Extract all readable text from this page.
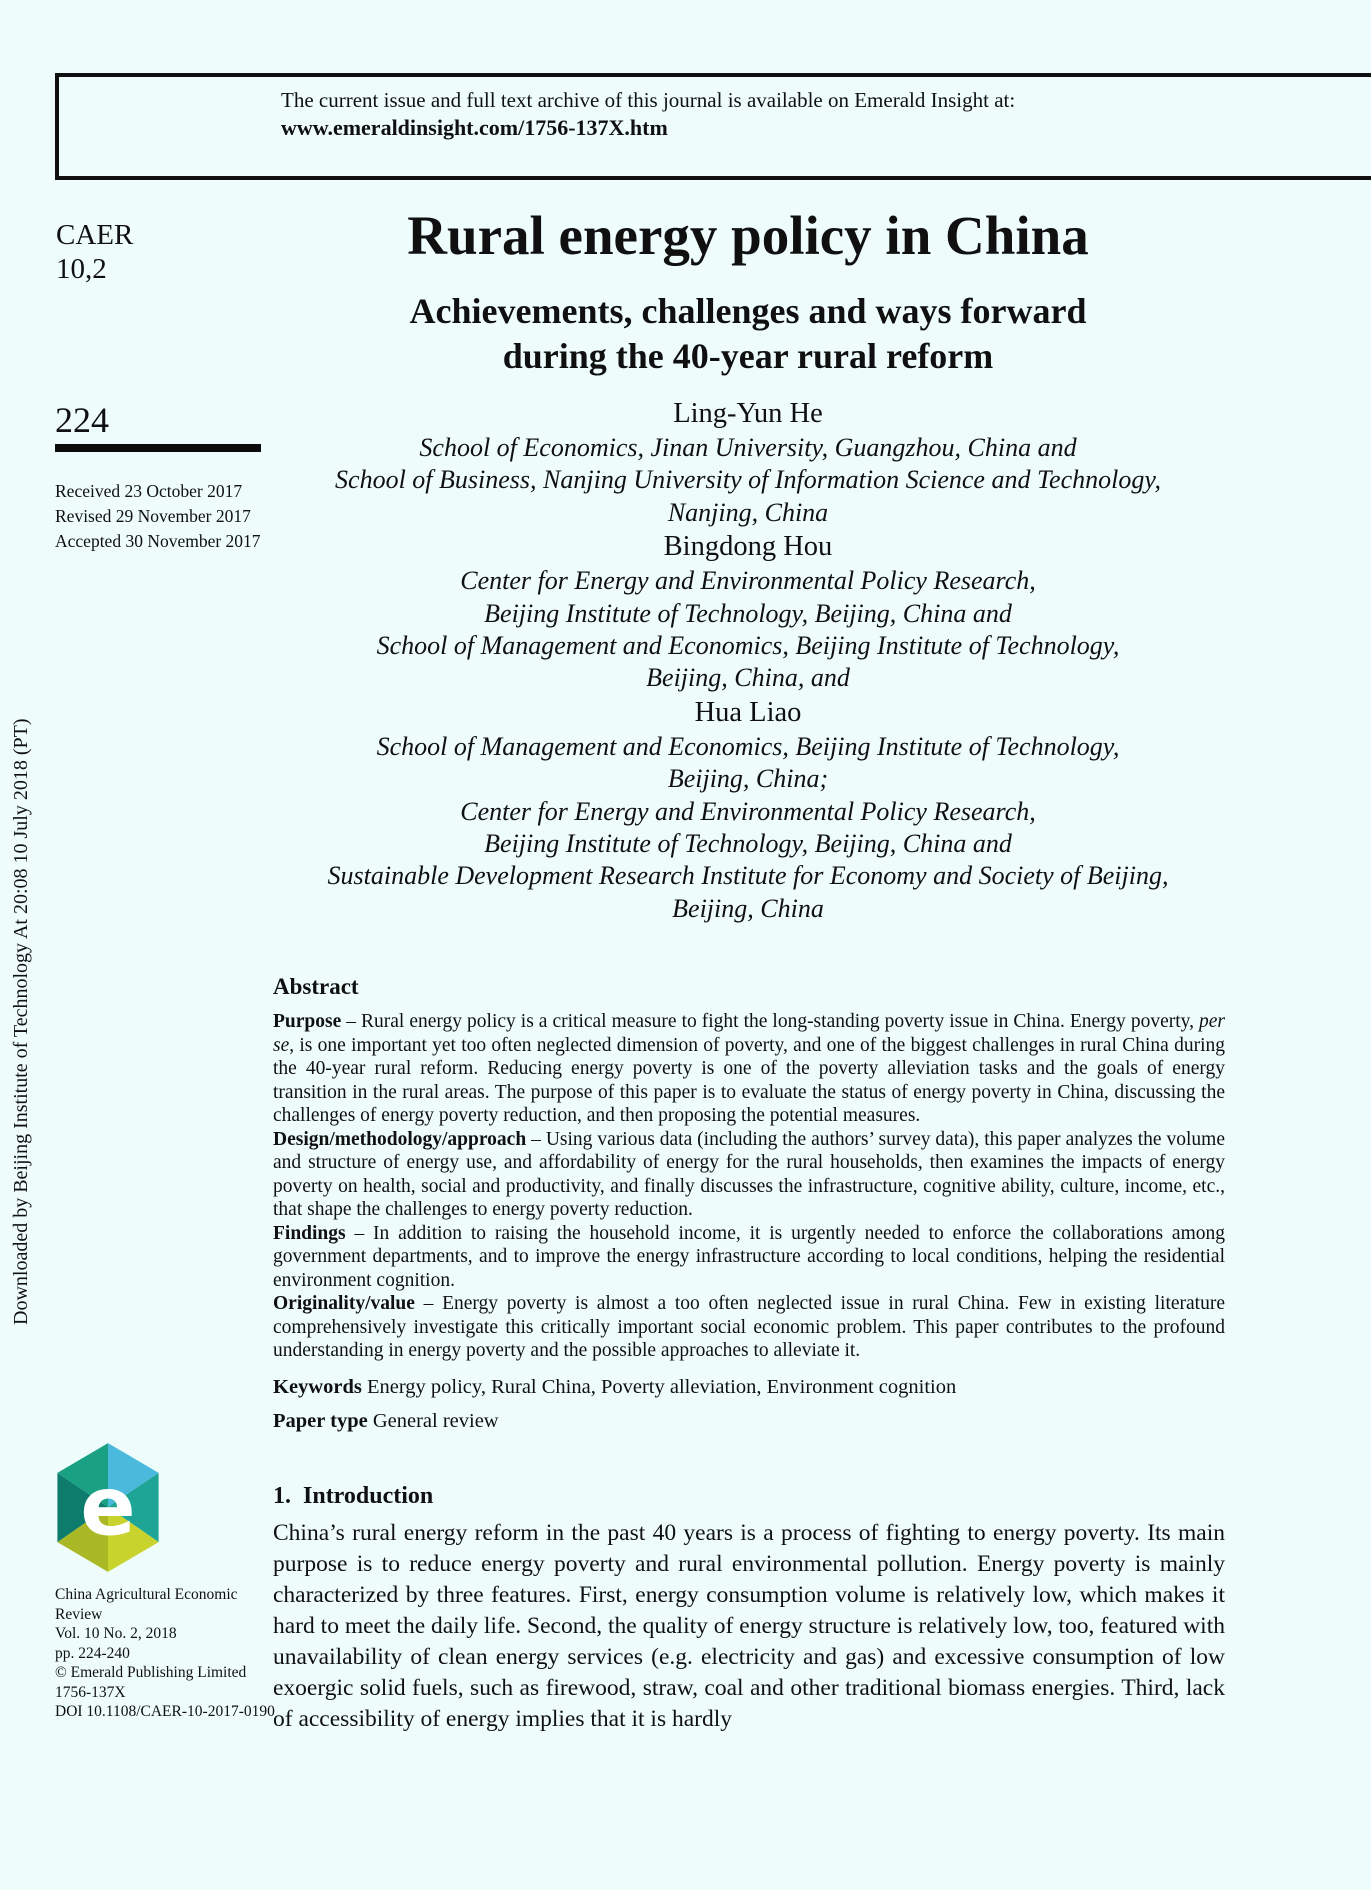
The current issue and full text archive of this journal is available on Emerald Insight at:
www.emeraldinsight.com/1756-137X.htm
CAER
10,2
224
Received 23 October 2017
Revised 29 November 2017
Accepted 30 November 2017
Rural energy policy in China
Achievements, challenges and ways forward
during the 40-year rural reform
Ling-Yun He
School of Economics, Jinan University, Guangzhou, China and
School of Business, Nanjing University of Information Science and Technology,
Nanjing, China
Bingdong Hou
Center for Energy and Environmental Policy Research,
Beijing Institute of Technology, Beijing, China and
School of Management and Economics, Beijing Institute of Technology,
Beijing, China, and
Hua Liao
School of Management and Economics, Beijing Institute of Technology,
Beijing, China;
Center for Energy and Environmental Policy Research,
Beijing Institute of Technology, Beijing, China and
Sustainable Development Research Institute for Economy and Society of Beijing,
Beijing, China
Abstract

Purpose – Rural energy policy is a critical measure to fight the long-standing poverty issue in China. Energy poverty, per se, is one important yet too often neglected dimension of poverty, and one of the biggest challenges in rural China during the 40-year rural reform. Reducing energy poverty is one of the poverty alleviation tasks and the goals of energy transition in the rural areas. The purpose of this paper is to evaluate the status of energy poverty in China, discussing the challenges of energy poverty reduction, and then proposing the potential measures.

Design/methodology/approach – Using various data (including the authors’ survey data), this paper analyzes the volume and structure of energy use, and affordability of energy for the rural households, then examines the impacts of energy poverty on health, social and productivity, and finally discusses the infrastructure, cognitive ability, culture, income, etc., that shape the challenges to energy poverty reduction.

Findings – In addition to raising the household income, it is urgently needed to enforce the collaborations among government departments, and to improve the energy infrastructure according to local conditions, helping the residential environment cognition.

Originality/value – Energy poverty is almost a too often neglected issue in rural China. Few in existing literature comprehensively investigate this critically important social economic problem. This paper contributes to the profound understanding in energy poverty and the possible approaches to alleviate it.

Keywords Energy policy, Rural China, Poverty alleviation, Environment cognition

Paper type General review

1.  Introduction

China’s rural energy reform in the past 40 years is a process of fighting to energy poverty. Its main purpose is to reduce energy poverty and rural environmental pollution. Energy poverty is mainly characterized by three features. First, energy consumption volume is relatively low, which makes it hard to meet the daily life. Second, the quality of energy structure is relatively low, too, featured with unavailability of clean energy services (e.g. electricity and gas) and excessive consumption of low exoergic solid fuels, such as firewood, straw, coal and other traditional biomass energies. Third, lack of accessibility of energy implies that it is hardly

Downloaded by Beijing Institute of Technology At 20:08 10 July 2018 (PT)
e
China Agricultural Economic Review
Vol. 10 No. 2, 2018
pp. 224-240
© Emerald Publishing Limited
1756-137X
DOI 10.1108/CAER-10-2017-0190
